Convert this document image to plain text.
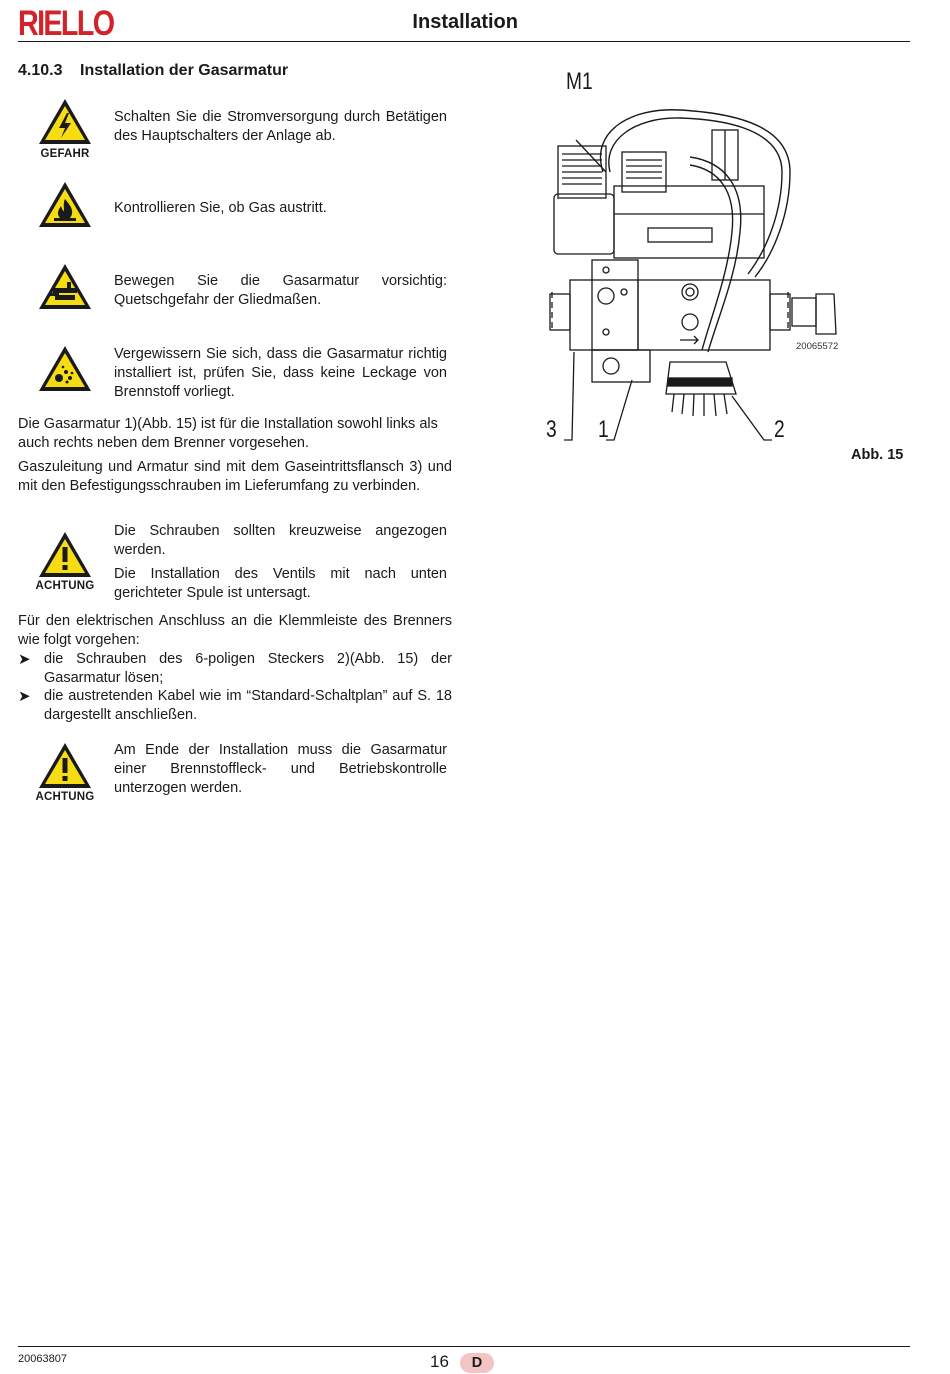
RIELLO	Installation
4.10.3 Installation der Gasarmatur
GEFAHR
Schalten Sie die Stromversorgung durch Betätigen des Hauptschalters der Anlage ab.
Kontrollieren Sie, ob Gas austritt.
Bewegen Sie die Gasarmatur vorsichtig: Quetschgefahr der Gliedmaßen.
Vergewissern Sie sich, dass die Gasarmatur richtig installiert ist, prüfen Sie, dass keine Leckage von Brennstoff vorliegt.
Die Gasarmatur 1)(Abb. 15) ist für die Installation sowohl links als auch rechts neben dem Brenner vorgesehen.
Gaszuleitung und Armatur sind mit dem Gaseintrittsflansch 3) und mit den Befestigungsschrauben im Lieferumfang zu verbinden.
ACHTUNG
Die Schrauben sollten kreuzweise angezogen werden.
Die Installation des Ventils mit nach unten gerichteter Spule ist untersagt.
Für den elektrischen Anschluss an die Klemmleiste des Brenners wie folgt vorgehen:
➤ die Schrauben des 6-poligen Steckers 2)(Abb. 15) der Gasarmatur lösen;
➤ die austretenden Kabel wie im “Standard-Schaltplan” auf S. 18 dargestellt anschließen.
ACHTUNG
Am Ende der Installation muss die Gasarmatur einer Brennstoffleck- und Betriebskontrolle unterzogen werden.
M1
20065572
3 1	2
Abb. 15
20063807	16	D
